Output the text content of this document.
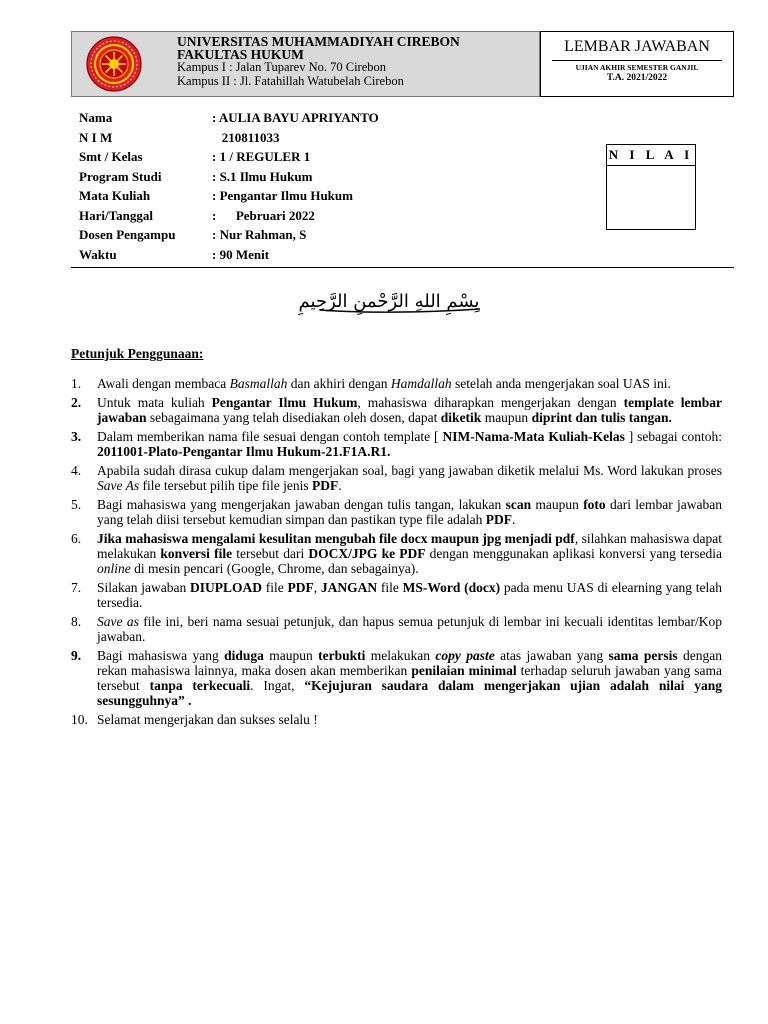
UNIVERSITAS MUHAMMADIYAH CIREBON
FAKULTAS HUKUM
Kampus I : Jalan Tuparev No. 70 Cirebon
Kampus II : Jl. Fatahillah Watubelah Cirebon
LEMBAR JAWABAN
UJIAN AKHIR SEMESTER GANJIL
T.A. 2021/2022
Nama	: AULIA BAYU APRIYANTO
N I M	210811033
Smt / Kelas	: 1 / REGULER 1
Program Studi	: S.1 Ilmu Hukum
Mata Kuliah	: Pengantar Ilmu Hukum
Hari/Tanggal	:      Pebruari 2022
Dosen Pengampu	: Nur Rahman, S
Waktu	: 90 Menit
N I L A I
بِسْمِ اللهِ الرَّحْمنِ الرَّحِيمِ
Petunjuk Penggunaan:
1. Awali dengan membaca Basmallah dan akhiri dengan Hamdallah setelah anda mengerjakan soal UAS ini.
2. Untuk mata kuliah Pengantar Ilmu Hukum, mahasiswa diharapkan mengerjakan dengan template lembar jawaban sebagaimana yang telah disediakan oleh dosen, dapat diketik maupun diprint dan tulis tangan.
3. Dalam memberikan nama file sesuai dengan contoh template [ NIM-Nama-Mata Kuliah-Kelas ] sebagai contoh: 2011001-Plato-Pengantar Ilmu Hukum-21.F1A.R1.
4. Apabila sudah dirasa cukup dalam mengerjakan soal, bagi yang jawaban diketik melalui Ms. Word lakukan proses Save As file tersebut pilih tipe file jenis PDF.
5. Bagi mahasiswa yang mengerjakan jawaban dengan tulis tangan, lakukan scan maupun foto dari lembar jawaban yang telah diisi tersebut kemudian simpan dan pastikan type file adalah PDF.
6. Jika mahasiswa mengalami kesulitan mengubah file docx maupun jpg menjadi pdf, silahkan mahasiswa dapat melakukan konversi file tersebut dari DOCX/JPG ke PDF dengan menggunakan aplikasi konversi yang tersedia online di mesin pencari (Google, Chrome, dan sebagainya).
7. Silakan jawaban DIUPLOAD file PDF, JANGAN file MS-Word (docx) pada menu UAS di elearning yang telah tersedia.
8. Save as file ini, beri nama sesuai petunjuk, dan hapus semua petunjuk di lembar ini kecuali identitas lembar/Kop jawaban.
9. Bagi mahasiswa yang diduga maupun terbukti melakukan copy paste atas jawaban yang sama persis dengan rekan mahasiswa lainnya, maka dosen akan memberikan penilaian minimal terhadap seluruh jawaban yang sama tersebut tanpa terkecuali. Ingat, “Kejujuran saudara dalam mengerjakan ujian adalah nilai yang sesungguhnya” .
10. Selamat mengerjakan dan sukses selalu !
